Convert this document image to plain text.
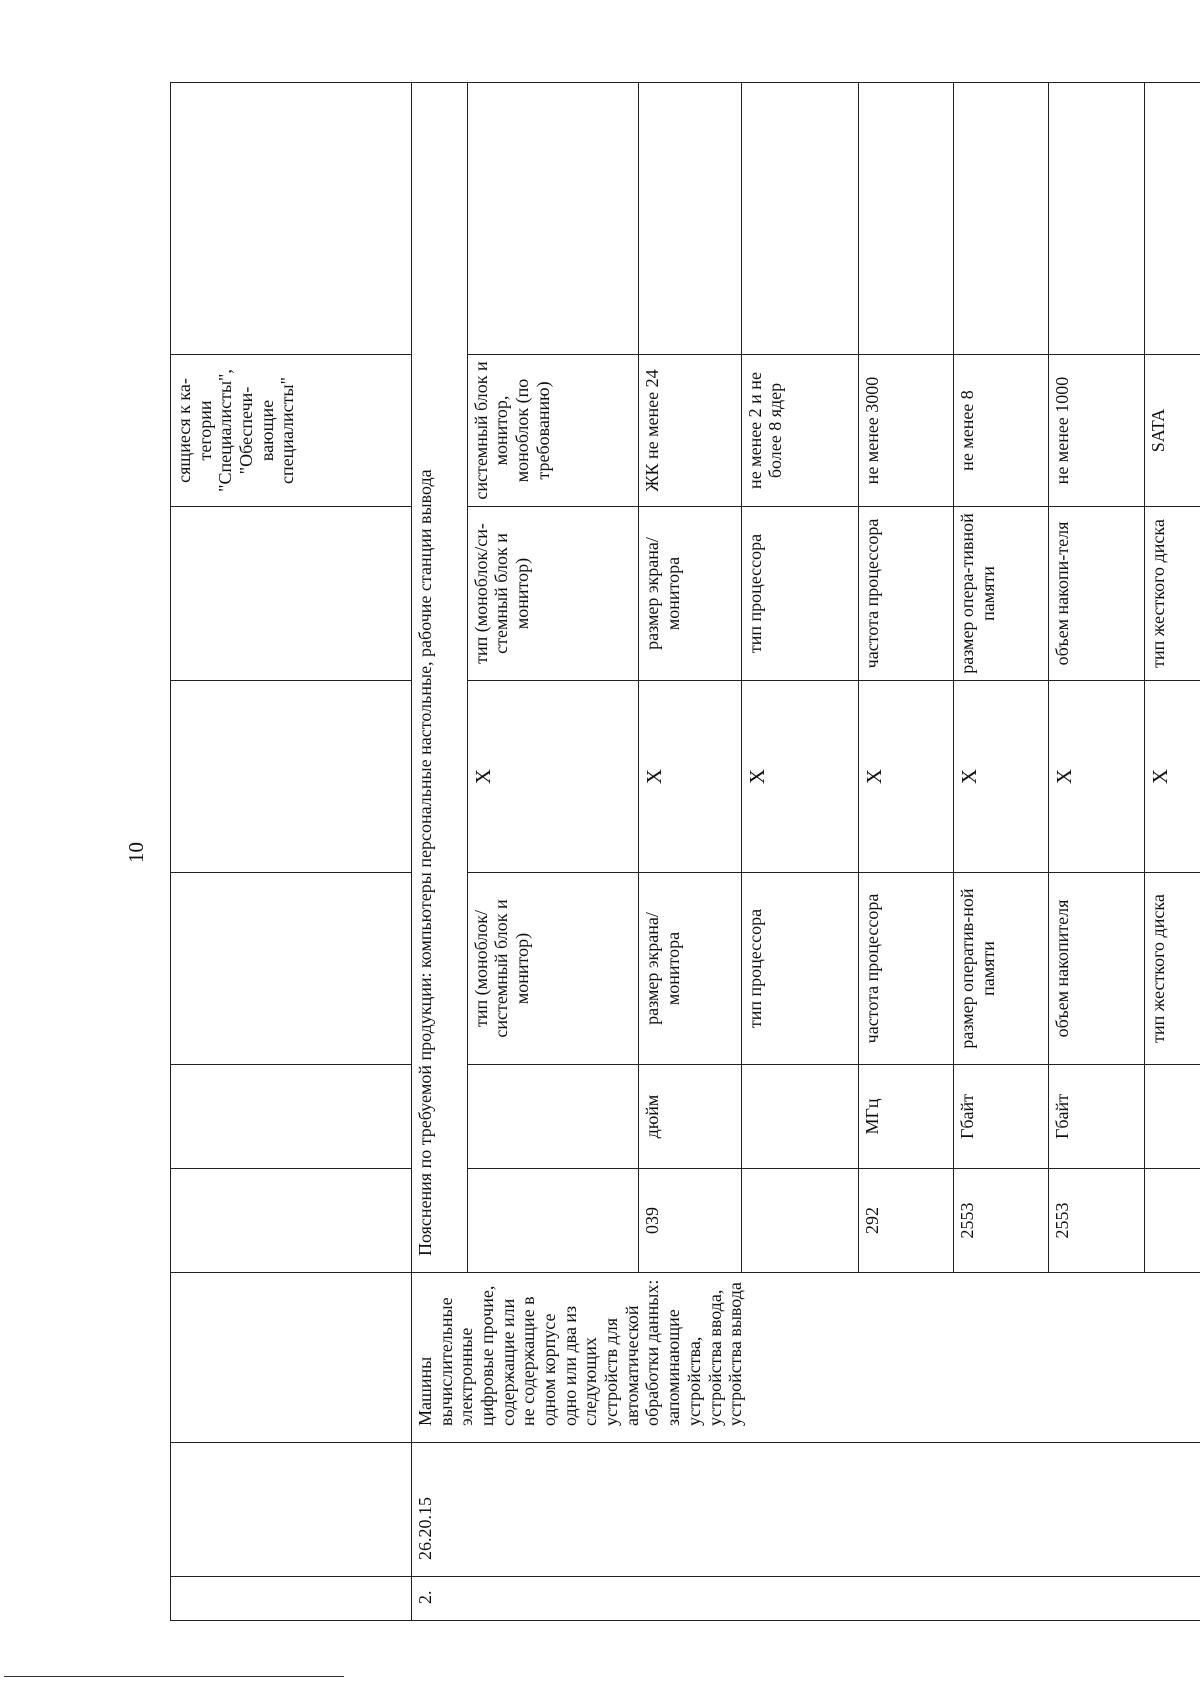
10
								сящиеся к ка-тегории "Специалисты", "Обеспечи-вающие специалисты"	
2.	26.20.15	Машины вычислительные электронные цифровые прочие, содержащие или не содержащие в одном корпусе одно или два из следующих устройств для автоматической обработки данных: запоминающие устройства, устройства ввода, устройства вывода	Пояснения по требуемой продукции: компьютеры персональные настольные, рабочие станции вывода						
					тип (моноблок/системный блок и монитор)	Х	тип (моноблок/си-стемный блок и монитор)	системный блок и монитор, моноблок (по требованию)	
			039	дюйм	размер экрана/монитора	Х	размер экрана/монитора	ЖК не менее 24	
					тип процессора	Х	тип процессора	не менее 2 и не более 8 ядер	
			292	МГц	частота процессора	Х	частота процессора	не менее 3000	
			2553	Гбайт	размер оператив-ной памяти	Х	размер опера-тивной памяти	не менее 8	
			2553	Гбайт	объем накопителя	Х	объем накопи-теля	не менее 1000	
					тип жесткого диска	Х	тип жесткого диска	SATA	
